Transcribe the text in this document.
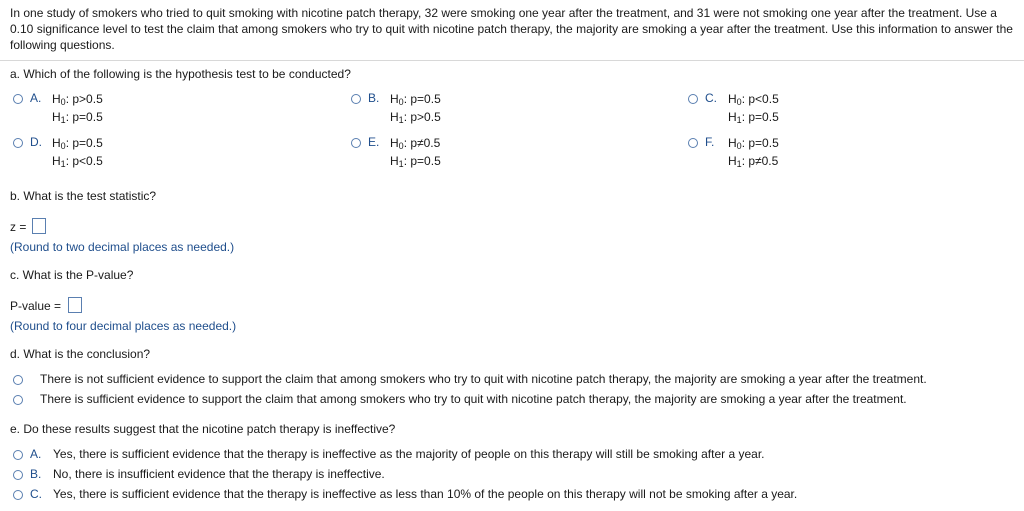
In one study of smokers who tried to quit smoking with nicotine patch therapy, 32 were smoking one year after the treatment, and 31 were not smoking one year after the treatment. Use a 0.10 significance level to test the claim that among smokers who try to quit with nicotine patch therapy, the majority are smoking a year after the treatment. Use this information to answer the following questions.
a. Which of the following is the hypothesis test to be conducted?
A. $H_0$: p>0.5
$H_1$: p=0.5
B. $H_0$: p=0.5
$H_1$: p>0.5
C. $H_0$: p<0.5
$H_1$: p=0.5
D. $H_0$: p=0.5
$H_1$: p<0.5
E. $H_0$: p≠0.5
$H_1$: p=0.5
F. $H_0$: p=0.5
$H_1$: p≠0.5
b. What is the test statistic?
z =
(Round to two decimal places as needed.)
c. What is the P-value?
P-value =
(Round to four decimal places as needed.)
d. What is the conclusion?
There is not sufficient evidence to support the claim that among smokers who try to quit with nicotine patch therapy, the majority are smoking a year after the treatment.
There is sufficient evidence to support the claim that among smokers who try to quit with nicotine patch therapy, the majority are smoking a year after the treatment.
e. Do these results suggest that the nicotine patch therapy is ineffective?
A. Yes, there is sufficient evidence that the therapy is ineffective as the majority of people on this therapy will still be smoking after a year.
B. No, there is insufficient evidence that the therapy is ineffective.
C. Yes, there is sufficient evidence that the therapy is ineffective as less than 10% of the people on this therapy will not be smoking after a year.
